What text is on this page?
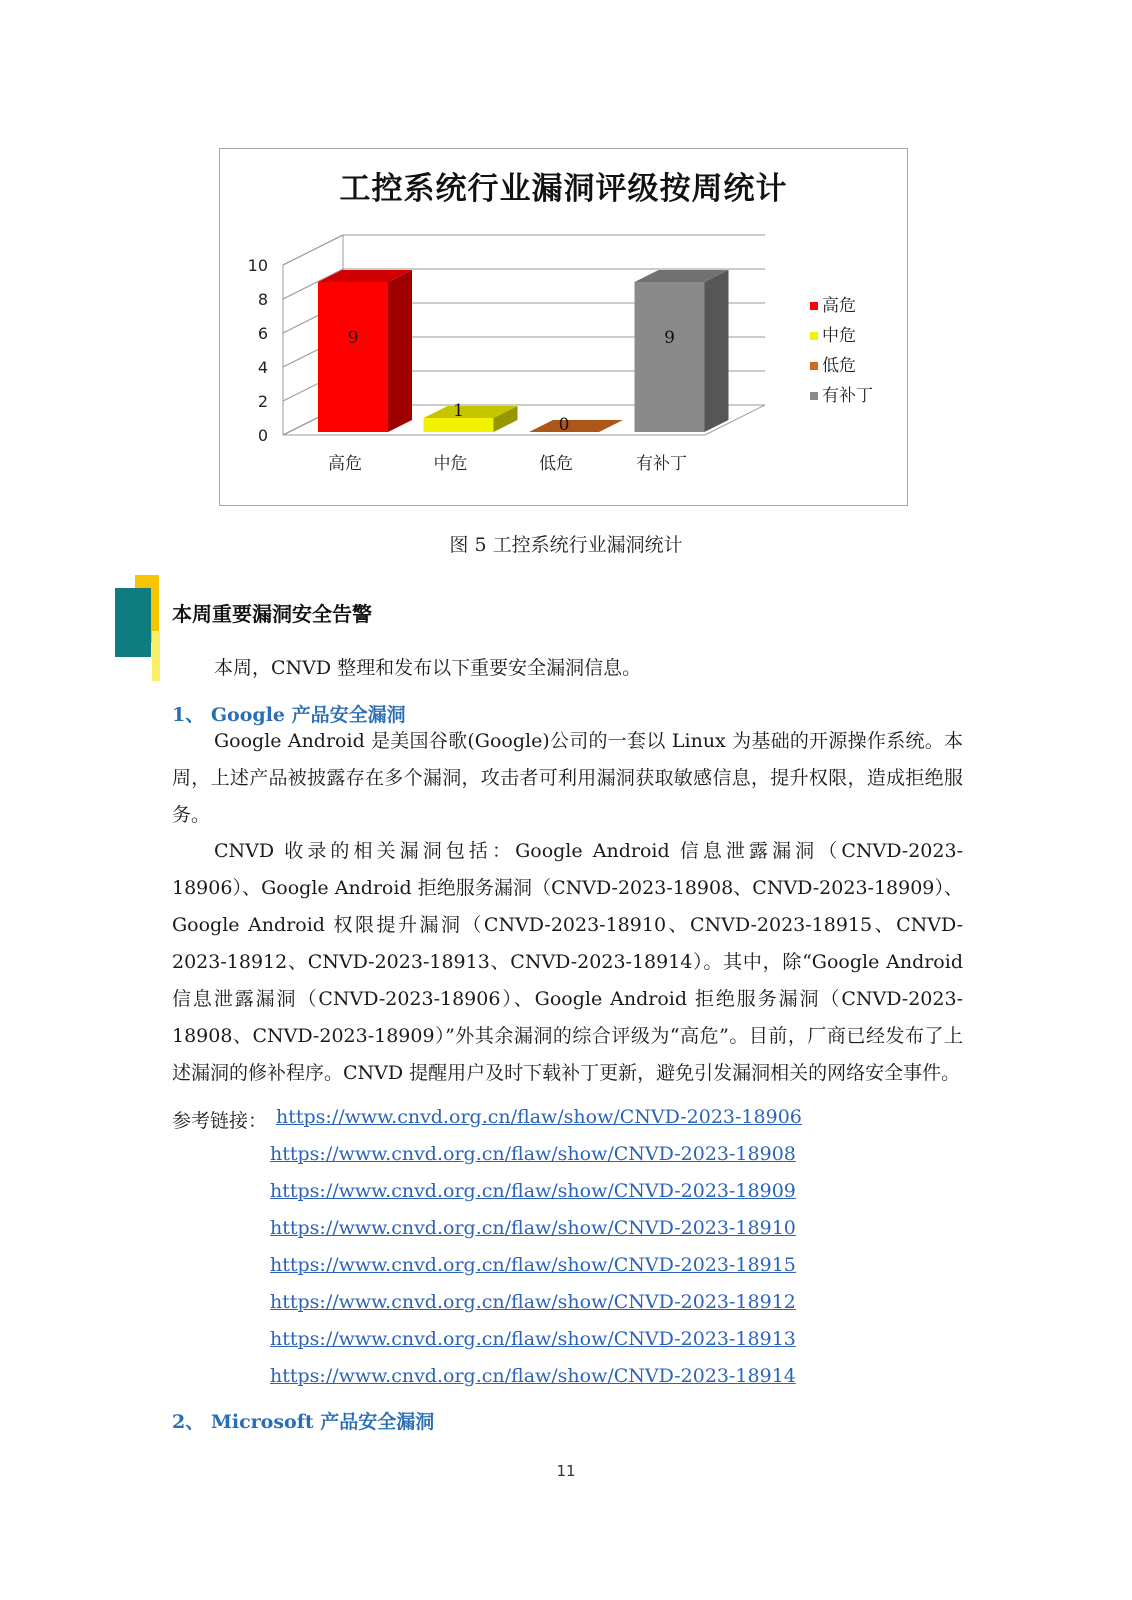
工控系统行业漏洞评级按周统计
0
2
4
6
8
10
9
高危
1
中危
0
低危
9
有补丁
高危
中危
低危
有补丁
图 5 工控系统行业漏洞统计
本周重要漏洞安全告警
本周，CNVD 整理和发布以下重要安全漏洞信息。
1、 Google 产品安全漏洞
Google Android 是美国谷歌(Google)公司的一套以 Linux 为基础的开源操作系统。本周，上述产品被披露存在多个漏洞，攻击者可利用漏洞获取敏感信息，提升权限，造成拒绝服务。
CNVD 收录的相关漏洞包括：Google Android 信息泄露漏洞（CNVD-2023-18906）、Google Android 拒绝服务漏洞（CNVD-2023-18908、CNVD-2023-18909）、Google Android 权限提升漏洞（CNVD-2023-18910、CNVD-2023-18915、CNVD-2023-18912、CNVD-2023-18913、CNVD-2023-18914）。其中，除“Google Android 信息泄露漏洞（CNVD-2023-18906）、Google Android 拒绝服务漏洞（CNVD-2023-18908、CNVD-2023-18909）”外其余漏洞的综合评级为“高危”。目前，厂商已经发布了上述漏洞的修补程序。CNVD 提醒用户及时下载补丁更新，避免引发漏洞相关的网络安全事件。
参考链接： https://www.cnvd.org.cn/flaw/show/CNVD-2023-18906
https://www.cnvd.org.cn/flaw/show/CNVD-2023-18908
https://www.cnvd.org.cn/flaw/show/CNVD-2023-18909
https://www.cnvd.org.cn/flaw/show/CNVD-2023-18910
https://www.cnvd.org.cn/flaw/show/CNVD-2023-18915
https://www.cnvd.org.cn/flaw/show/CNVD-2023-18912
https://www.cnvd.org.cn/flaw/show/CNVD-2023-18913
https://www.cnvd.org.cn/flaw/show/CNVD-2023-18914
2、 Microsoft 产品安全漏洞
11
